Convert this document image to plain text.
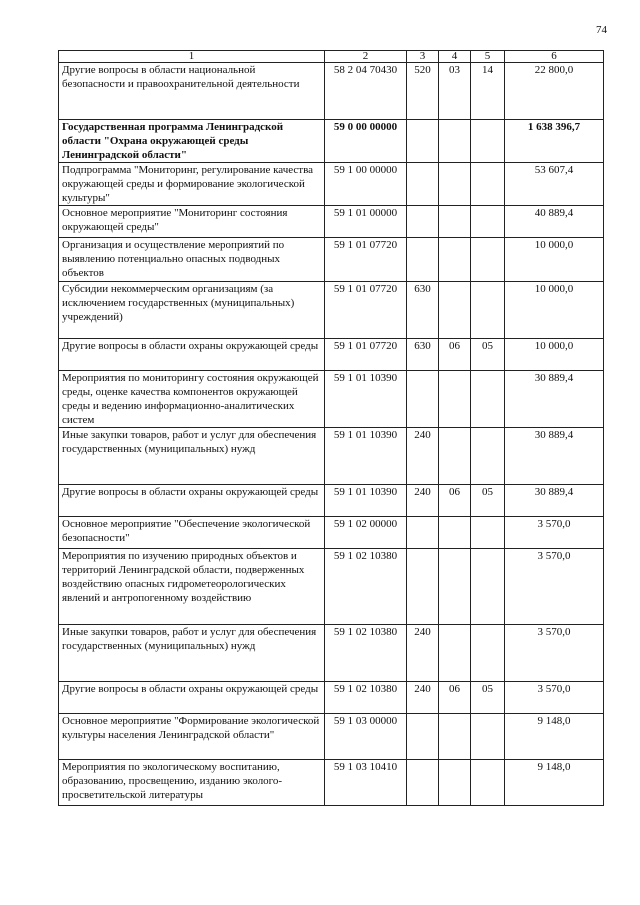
74
1	2	3	4	5	6
Другие вопросы в области национальной безопасности и правоохранительной деятельности	58 2 04 70430	520	03	14	22 800,0
Государственная программа Ленинградской области "Охрана окружающей среды Ленинградской области"	59 0 00 00000				1 638 396,7
Подпрограмма "Мониторинг, регулирование качества окружающей среды и формирование экологической культуры"	59 1 00 00000				53 607,4
Основное мероприятие "Мониторинг состояния окружающей среды"	59 1 01 00000				40 889,4
Организация и осуществление мероприятий по выявлению потенциально опасных подводных объектов	59 1 01 07720				10 000,0
Субсидии некоммерческим организациям (за исключением государственных (муниципальных) учреждений)	59 1 01 07720	630			10 000,0
Другие вопросы в области охраны окружающей среды	59 1 01 07720	630	06	05	10 000,0
Мероприятия по мониторингу состояния окружающей среды, оценке качества компонентов окружающей среды и ведению информационно-аналитических систем	59 1 01 10390				30 889,4
Иные закупки товаров, работ и услуг для обеспечения государственных (муниципальных) нужд	59 1 01 10390	240			30 889,4
Другие вопросы в области охраны окружающей среды	59 1 01 10390	240	06	05	30 889,4
Основное мероприятие "Обеспечение экологической безопасности"	59 1 02 00000				3 570,0
Мероприятия по изучению природных объектов и территорий Ленинградской области, подверженных воздействию опасных гидрометеорологических явлений и антропогенному воздействию	59 1 02 10380				3 570,0
Иные закупки товаров, работ и услуг для обеспечения государственных (муниципальных) нужд	59 1 02 10380	240			3 570,0
Другие вопросы в области охраны окружающей среды	59 1 02 10380	240	06	05	3 570,0
Основное мероприятие "Формирование экологической культуры населения Ленинградской области"	59 1 03 00000				9 148,0
Мероприятия по экологическому воспитанию, образованию, просвещению, изданию эколого-просветительской литературы	59 1 03 10410				9 148,0
